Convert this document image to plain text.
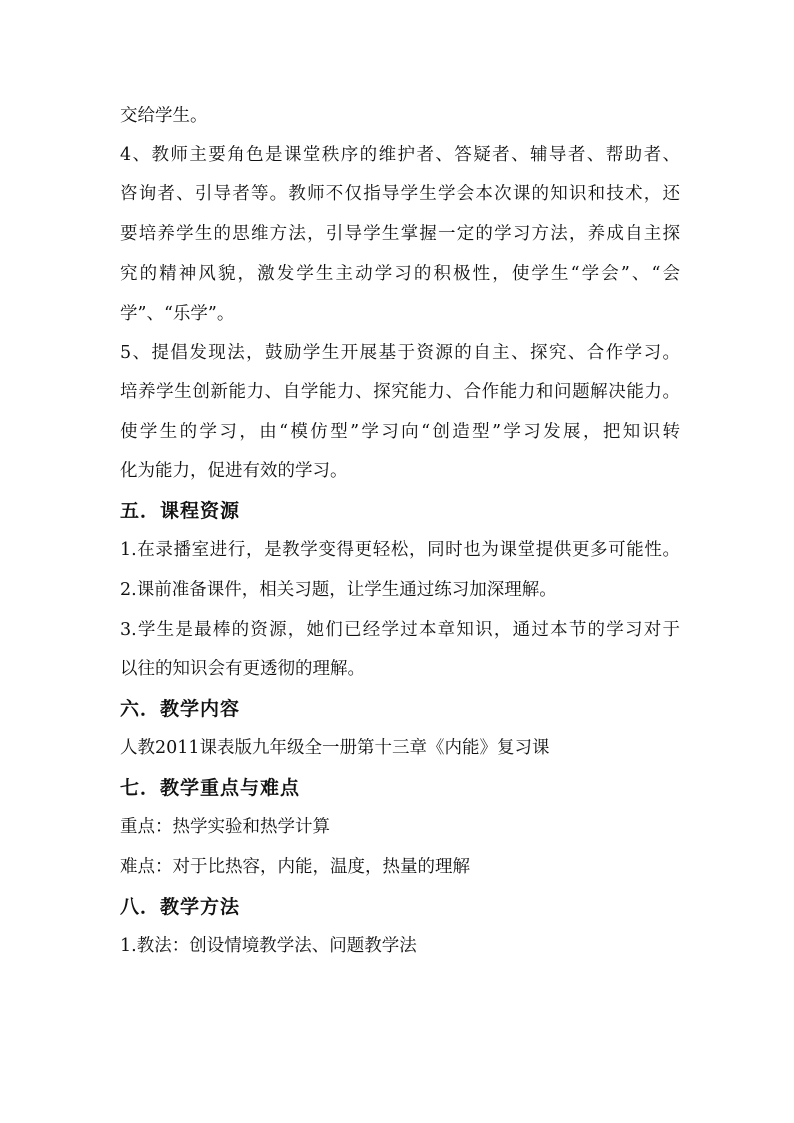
交给学生。
4、教师主要角色是课堂秩序的维护者、答疑者、辅导者、帮助者、
咨询者、引导者等。教师不仅指导学生学会本次课的知识和技术，还
要培养学生的思维方法，引导学生掌握一定的学习方法，养成自主探
究的精神风貌，激发学生主动学习的积极性，使学生“学会”、“会
学”、“乐学”。
5、提倡发现法，鼓励学生开展基于资源的自主、探究、合作学习。
培养学生创新能力、自学能力、探究能力、合作能力和问题解决能力。
使学生的学习，由“模仿型”学习向“创造型”学习发展，把知识转
化为能力，促进有效的学习。
五．课程资源
1.在录播室进行，是教学变得更轻松，同时也为课堂提供更多可能性。
2.课前准备课件，相关习题，让学生通过练习加深理解。
3.学生是最棒的资源，她们已经学过本章知识，通过本节的学习对于
以往的知识会有更透彻的理解。
六．教学内容
人教2011课表版九年级全一册第十三章《内能》复习课
七．教学重点与难点
重点：热学实验和热学计算
难点：对于比热容，内能，温度，热量的理解
八．教学方法
1.教法：创设情境教学法、问题教学法
